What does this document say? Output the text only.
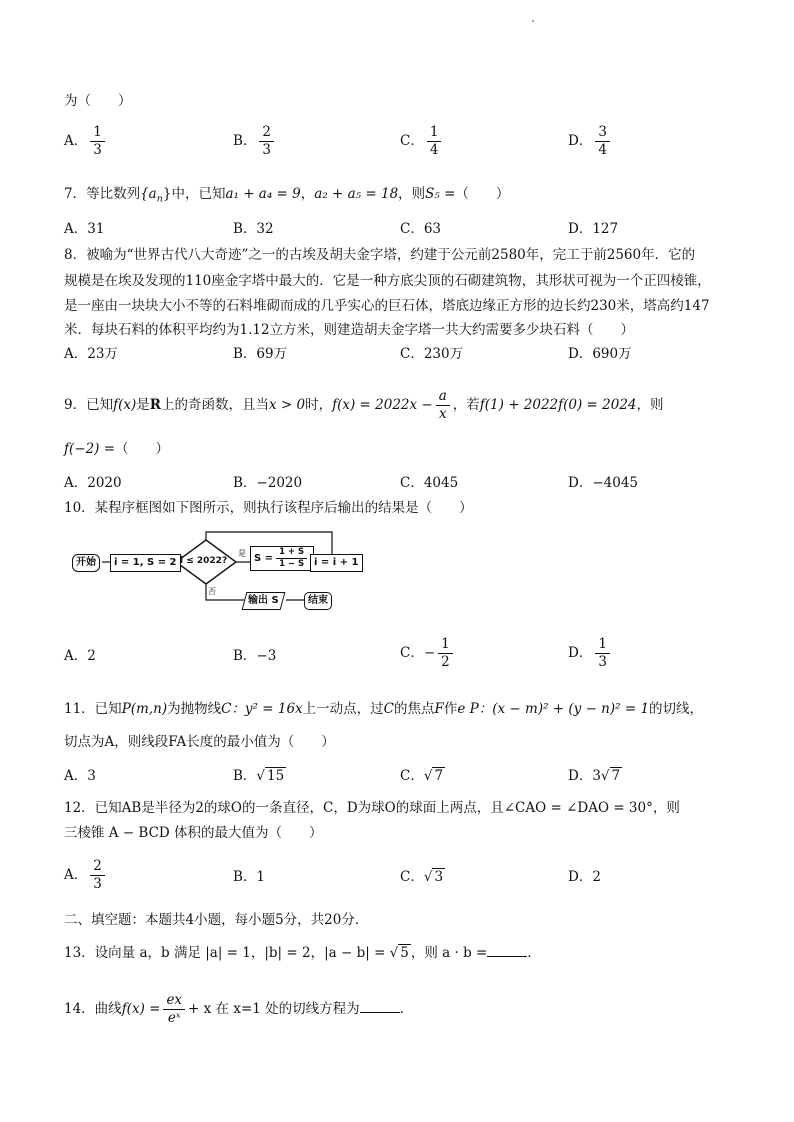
为（　　）
A． $\frac{1}{3}$	B． $\frac{2}{3}$	C． $\frac{1}{4}$	D． $\frac{3}{4}$
7．等比数列$\{a_n\}$中，已知a₁ + a₄ = 9，a₂ + a₅ = 18，则S₅ =（　　）
A．31	B．32	C．63	D．127
8．被喻为“世界古代八大奇迹”之一的古埃及胡夫金字塔，约建于公元前2580年，完工于前2560年．它的
规模是在埃及发现的110座金字塔中最大的．它是一种方底尖顶的石砌建筑物，其形状可视为一个正四棱锥，
是一座由一块块大小不等的石料堆砌而成的几乎实心的巨石体，塔底边缘正方形的边长约230米，塔高约147
米．每块石料的体积平均约为1.12立方米，则建造胡夫金字塔一共大约需要多少块石料（　　）
A．23万	B．69万	C．230万	D．690万
9．已知f(x)是R上的奇函数，且当x > 0时，$f(x) = 2022x - \frac{a}{x}$ ，若f(1) + 2022f(0) = 2024，则
f(−2) =（　　）
A．2020	B．−2020	C．4045	D．−4045
10．某程序框图如下图所示，则执行该程序后输出的结果是（　　）
开始	i = 1, S = 2 i ≤ 2022?
是
否
$S = \frac{1 + S}{1 - S}$ i = i + 1
输出 S	结束
A．2	B．−3	C．− $\frac{1}{2}$	D． $\frac{1}{3}$
11．已知P(m,n)为抛物线C：y² = 16x上一动点，过C的焦点F作e P：(x − m)² + (y − n)² = 1的切线，
切点为A，则线段FA长度的最小值为（　　）
A．3	B．√ 15	C．√ 7	D．3√ 7
12．已知AB是半径为2的球O的一条直径，C，D为球O的球面上两点，且∠CAO = ∠DAO = 30°，则
三棱锥 A − BCD 体积的最大值为（　　）
A． $\frac{2}{3}$	B．1	C．√ 3	D．2
二、填空题：本题共4小题，每小题5分，共20分．
13．设向量 a，b 满足 |a| = 1，|b| = 2，|a − b| = √ 5 ，则 a · b =	．
14．曲线$f(x) = \frac{ex}{\text{eˣ}} + x$ 在 x=1 处的切线方程为	．
